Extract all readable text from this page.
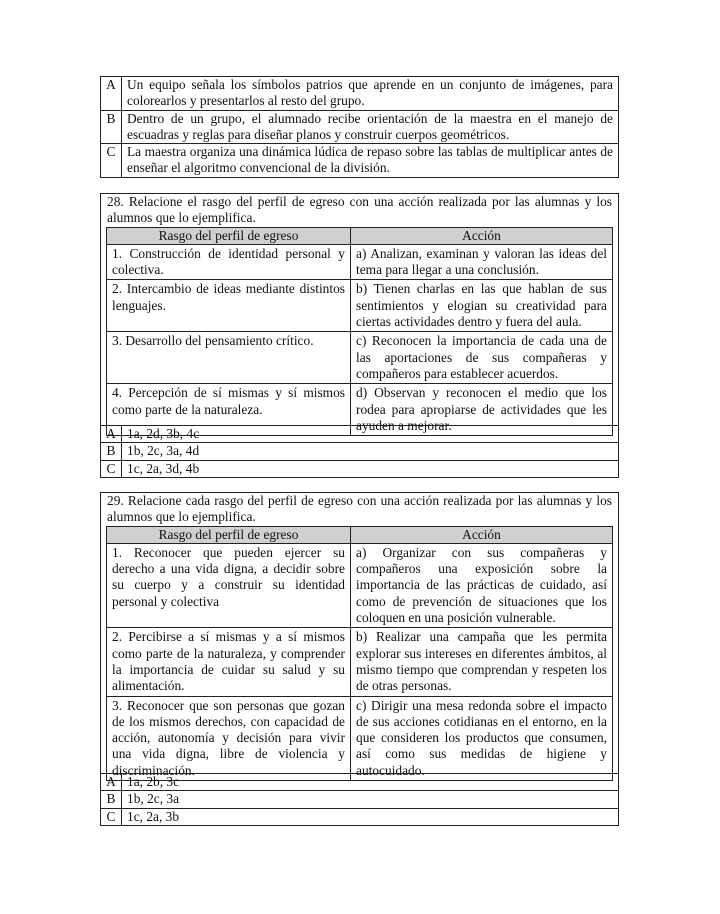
A	Un equipo señala los símbolos patrios que aprende en un conjunto de imágenes, para colorearlos y presentarlos al resto del grupo.
B	Dentro de un grupo, el alumnado recibe orientación de la maestra en el manejo de escuadras y reglas para diseñar planos y construir cuerpos geométricos.
C	La maestra organiza una dinámica lúdica de repaso sobre las tablas de multiplicar antes de enseñar el algoritmo convencional de la división.
28. Relacione el rasgo del perfil de egreso con una acción realizada por las alumnas y los alumnos que lo ejemplifica.
Rasgo del perfil de egreso	Acción
1. Construcción de identidad personal y colectiva.	a) Analizan, examinan y valoran las ideas del tema para llegar a una conclusión.
2. Intercambio de ideas mediante distintos lenguajes.	b) Tienen charlas en las que hablan de sus sentimientos y elogian su creatividad para ciertas actividades dentro y fuera del aula.
3. Desarrollo del pensamiento crítico.	c) Reconocen la importancia de cada una de las aportaciones de sus compañeras y compañeros para establecer acuerdos.
4. Percepción de sí mismas y sí mismos como parte de la naturaleza.	d) Observan y reconocen el medio que los rodea para apropiarse de actividades que les ayuden a mejorar.
A	1a, 2d, 3b, 4c
B	1b, 2c, 3a, 4d
C	1c, 2a, 3d, 4b
29. Relacione cada rasgo del perfil de egreso con una acción realizada por las alumnas y los alumnos que lo ejemplifica.
Rasgo del perfil de egreso	Acción
1. Reconocer que pueden ejercer su derecho a una vida digna, a decidir sobre su cuerpo y a construir su identidad personal y colectiva	a) Organizar con sus compañeras y compañeros una exposición sobre la importancia de las prácticas de cuidado, así como de prevención de situaciones que los coloquen en una posición vulnerable.
2. Percibirse a sí mismas y a sí mismos como parte de la naturaleza, y comprender la importancia de cuidar su salud y su alimentación.	b) Realizar una campaña que les permita explorar sus intereses en diferentes ámbitos, al mismo tiempo que comprendan y respeten los de otras personas.
3. Reconocer que son personas que gozan de los mismos derechos, con capacidad de acción, autonomía y decisión para vivir una vida digna, libre de violencia y discriminación.	c) Dirigir una mesa redonda sobre el impacto de sus acciones cotidianas en el entorno, en la que consideren los productos que consumen, así como sus medidas de higiene y autocuidado.
A	1a, 2b, 3c
B	1b, 2c, 3a
C	1c, 2a, 3b
